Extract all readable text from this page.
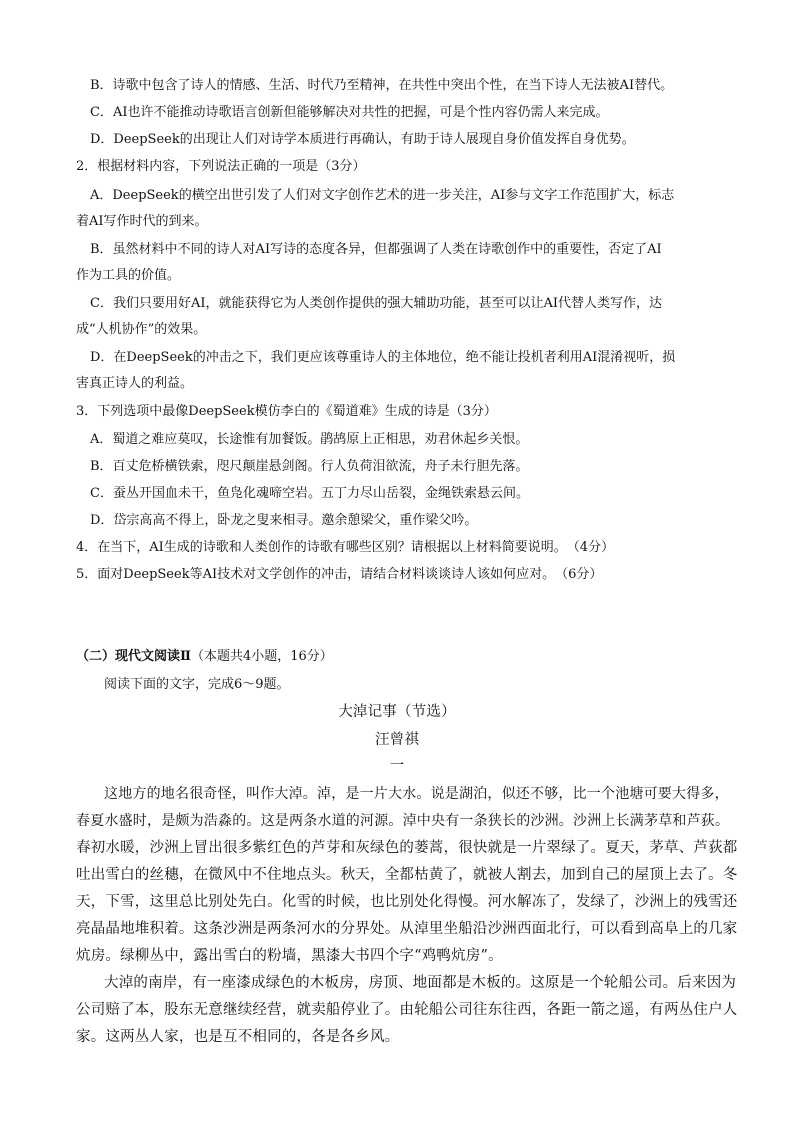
B．诗歌中包含了诗人的情感、生活、时代乃至精神，在共性中突出个性，在当下诗人无法被AI替代。
C．AI也许不能推动诗歌语言创新但能够解决对共性的把握，可是个性内容仍需人来完成。
D．DeepSeek的出现让人们对诗学本质进行再确认，有助于诗人展现自身价值发挥自身优势。
2．根据材料内容，下列说法正确的一项是（3分）
A．DeepSeek的横空出世引发了人们对文字创作艺术的进一步关注，AI参与文字工作范围扩大，标志
着AI写作时代的到来。
B．虽然材料中不同的诗人对AI写诗的态度各异，但都强调了人类在诗歌创作中的重要性，否定了AI
作为工具的价值。
C．我们只要用好AI，就能获得它为人类创作提供的强大辅助功能，甚至可以让AI代替人类写作，达
成“人机协作”的效果。
D．在DeepSeek的冲击之下，我们更应该尊重诗人的主体地位，绝不能让投机者利用AI混淆视听，损
害真正诗人的利益。
3．下列选项中最像DeepSeek模仿李白的《蜀道难》生成的诗是（3分）
A．蜀道之难应莫叹，长途惟有加餐饭。鹃鸪原上正相思，劝君休起乡关恨。
B．百丈危桥横铁索，咫尺颠崖悬剑阁。行人负荷泪欲流，舟子未行胆先落。
C．蚕丛开国血未干，鱼凫化魂啼空岩。五丁力尽山岳裂，金绳铁索悬云间。
D．岱宗高高不得上，卧龙之叟来相寻。邀余憩梁父，重作梁父吟。
4．在当下，AI生成的诗歌和人类创作的诗歌有哪些区别？请根据以上材料简要说明。　（4分）
5．面对DeepSeek等AI技术对文学创作的冲击，请结合材料谈谈诗人该如何应对。　（6分）
（二）现代文阅读Ⅱ（本题共4小题，16分）
阅读下面的文字，完成6～9题。
大淖记事（节选）
汪曾祺
一
这地方的地名很奇怪，叫作大淖。淖，是一片大水。说是湖泊，似还不够，比一个池塘可要大得多，
春夏水盛时，是颇为浩淼的。这是两条水道的河源。淖中央有一条狭长的沙洲。沙洲上长满茅草和芦荻。
春初水暖，沙洲上冒出很多紫红色的芦芽和灰绿色的蒌蒿，很快就是一片翠绿了。夏天，茅草、芦荻都
吐出雪白的丝穗，在微风中不住地点头。秋天，全都枯黄了，就被人割去，加到自己的屋顶上去了。冬
天，下雪，这里总比别处先白。化雪的时候，也比别处化得慢。河水解冻了，发绿了，沙洲上的残雪还
亮晶晶地堆积着。这条沙洲是两条河水的分界处。从淖里坐船沿沙洲西面北行，可以看到高阜上的几家
炕房。绿柳丛中，露出雪白的粉墙，黑漆大书四个字“鸡鸭炕房”。
大淖的南岸，有一座漆成绿色的木板房，房顶、地面都是木板的。这原是一个轮船公司。后来因为
公司赔了本，股东无意继续经营，就卖船停业了。由轮船公司往东往西，各距一箭之遥，有两丛住户人
家。这两丛人家，也是互不相同的，各是各乡风。
